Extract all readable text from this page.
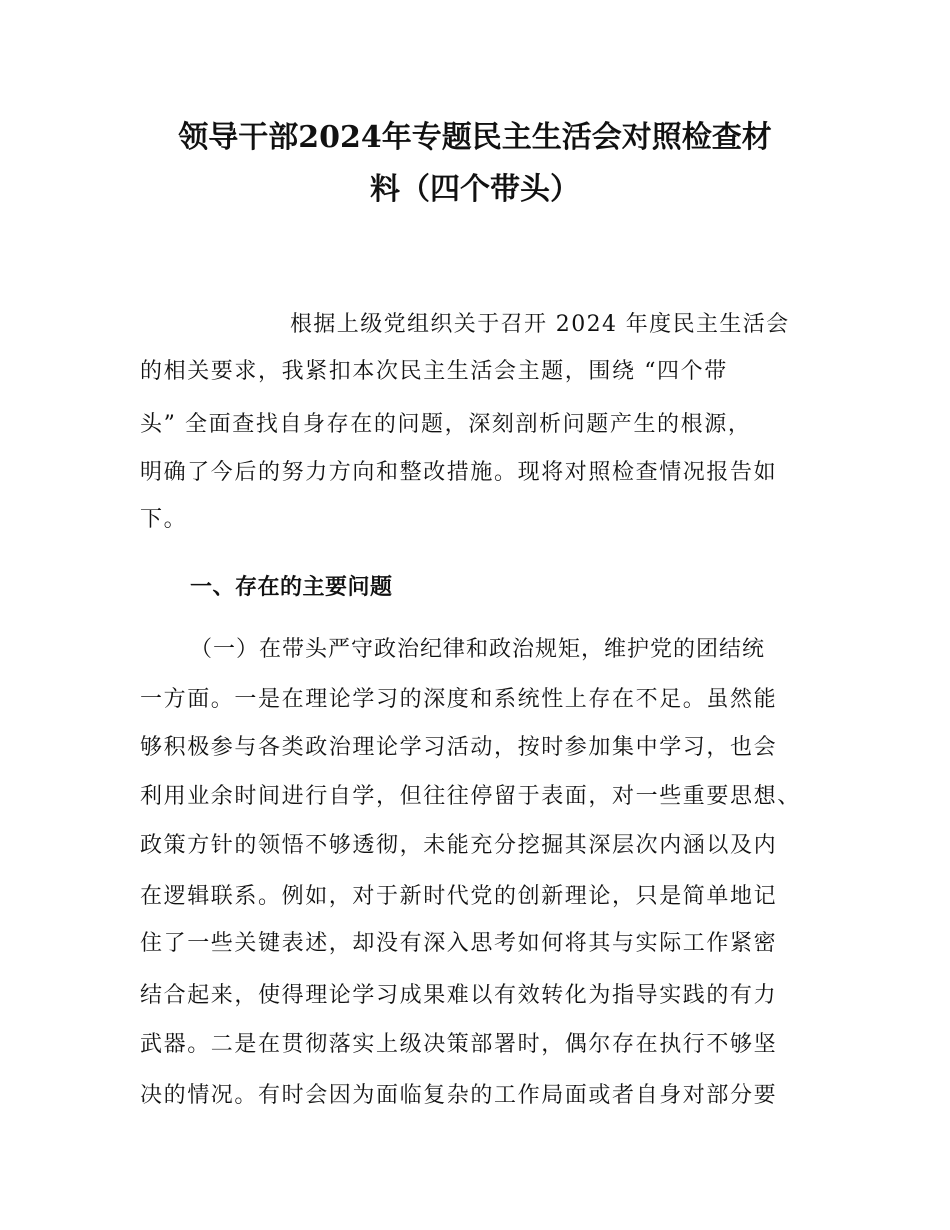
领导干部2024年专题民主生活会对照检查材
料（四个带头）
根据上级党组织关于召开 2024 年度民主生活会
的相关要求，我紧扣本次民主生活会主题，围绕 “四个带
头” 全面查找自身存在的问题，深刻剖析问题产生的根源，
明确了今后的努力方向和整改措施。现将对照检查情况报告如
下。
一、存在的主要问题
（一）在带头严守政治纪律和政治规矩，维护党的团结统
一方面。一是在理论学习的深度和系统性上存在不足。虽然能
够积极参与各类政治理论学习活动，按时参加集中学习，也会
利用业余时间进行自学，但往往停留于表面，对一些重要思想、
政策方针的领悟不够透彻，未能充分挖掘其深层次内涵以及内
在逻辑联系。例如，对于新时代党的创新理论，只是简单地记
住了一些关键表述，却没有深入思考如何将其与实际工作紧密
结合起来，使得理论学习成果难以有效转化为指导实践的有力
武器。二是在贯彻落实上级决策部署时，偶尔存在执行不够坚
决的情况。有时会因为面临复杂的工作局面或者自身对部分要
